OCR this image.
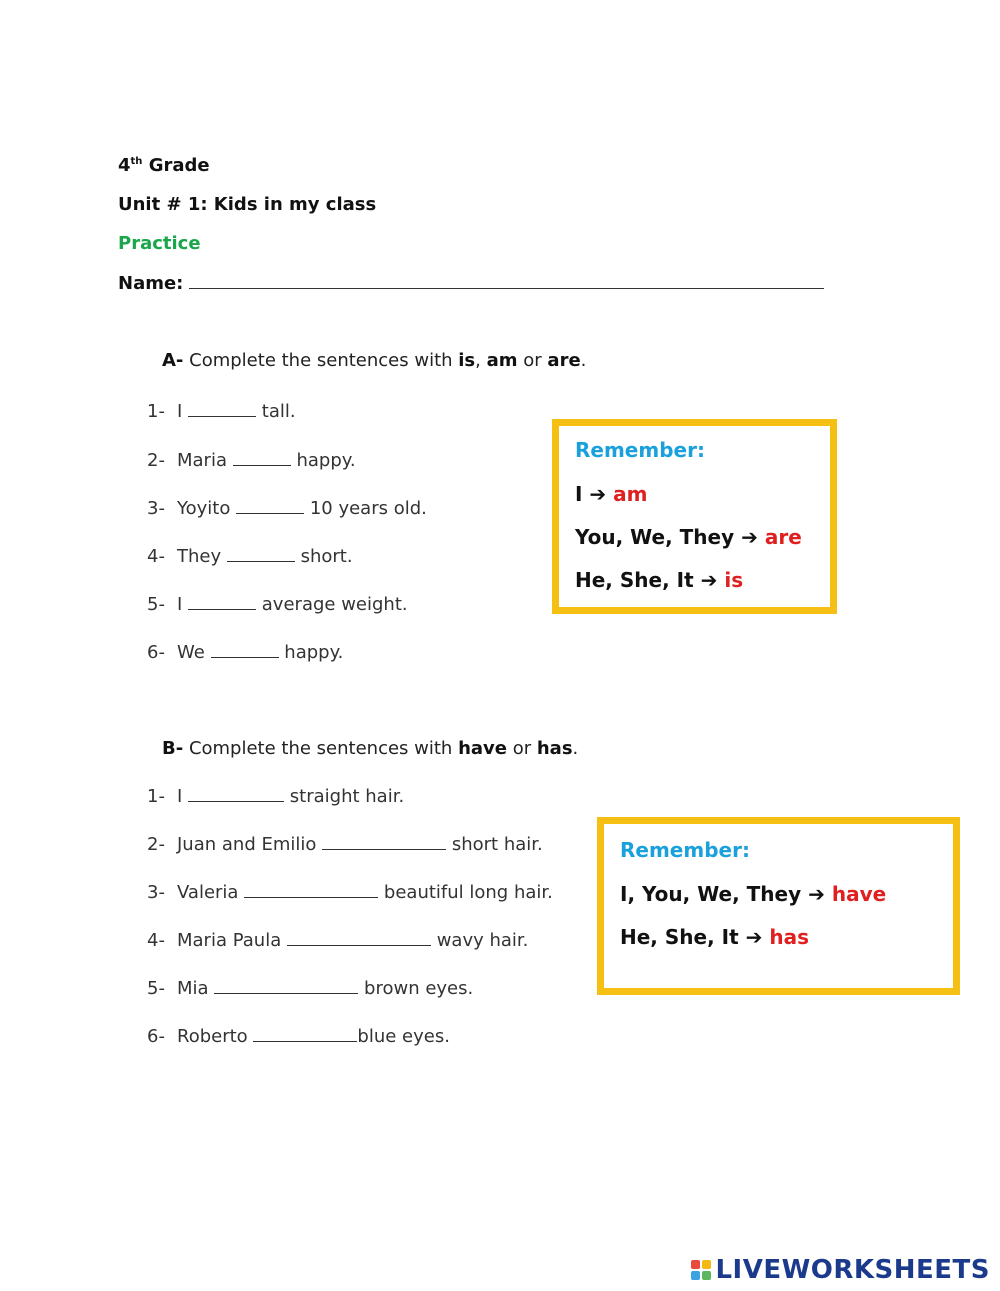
4th Grade
Unit # 1: Kids in my class
Practice
Name:
A- Complete the sentences with is, am or are.
1- I	tall.
2- Maria	happy.
3- Yoyito	10 years old.
4- They	short.
5- I	average weight.
6- We	happy.
Remember:
I ➔ am
You, We, They ➔ are
He, She, It ➔ is
B- Complete the sentences with have or has.
1- I	straight hair.
2- Juan and Emilio	short hair.
3- Valeria	beautiful long hair.
4- Maria Paula	wavy hair.
5- Mia	brown eyes.
6- Roberto	blue eyes.
Remember:
I, You, We, They ➔ have
He, She, It ➔ has
LIVEWORKSHEETS
